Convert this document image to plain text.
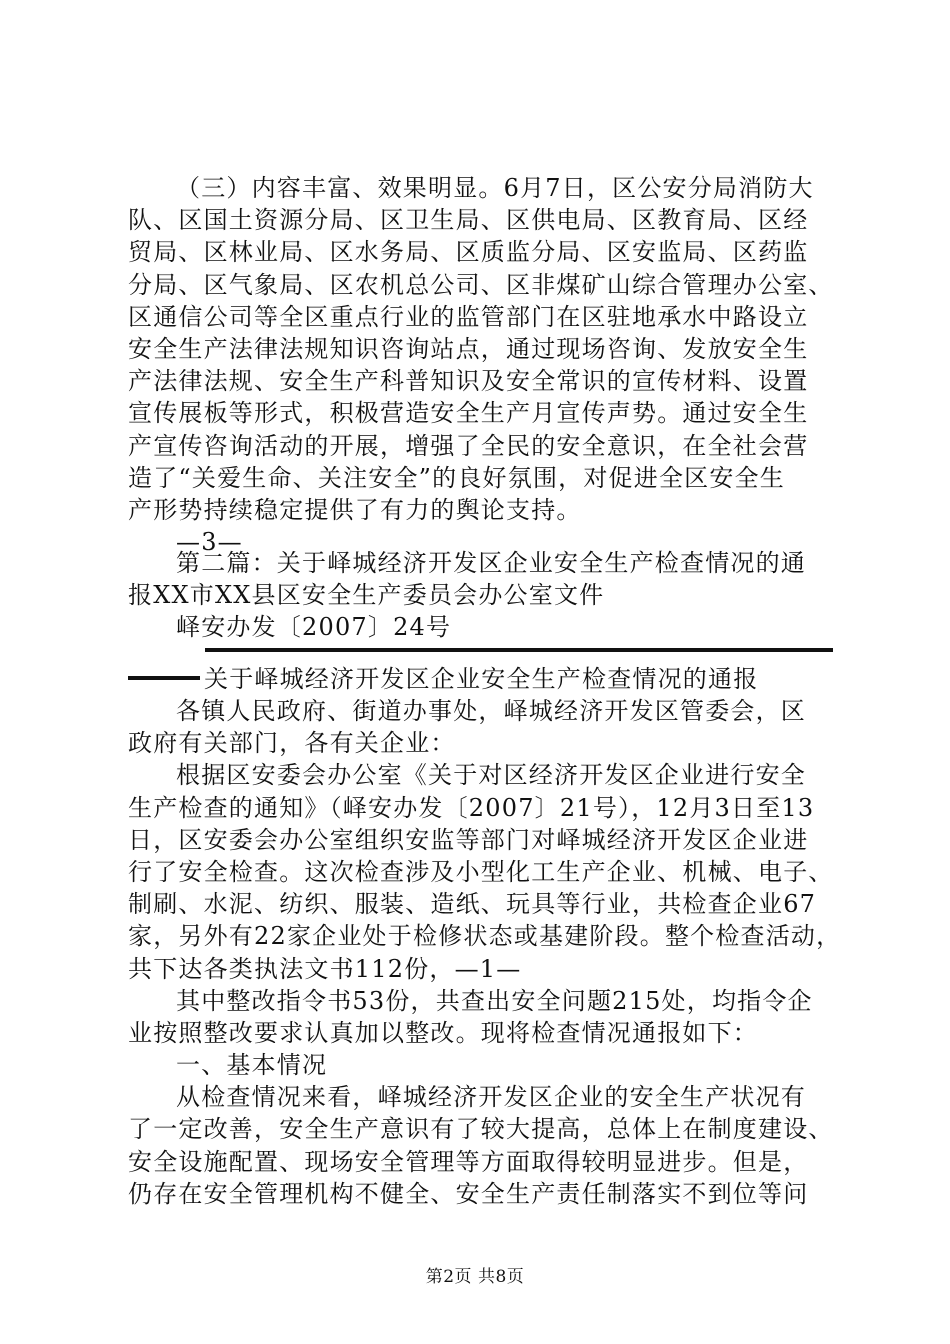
（三）内容丰富、效果明显。6月7日，区公安分局消防大
队、区国土资源分局、区卫生局、区供电局、区教育局、区经
贸局、区林业局、区水务局、区质监分局、区安监局、区药监
分局、区气象局、区农机总公司、区非煤矿山综合管理办公室、
区通信公司等全区重点行业的监管部门在区驻地承水中路设立
安全生产法律法规知识咨询站点，通过现场咨询、发放安全生
产法律法规、安全生产科普知识及安全常识的宣传材料、设置
宣传展板等形式，积极营造安全生产月宣传声势。通过安全生
产宣传咨询活动的开展，增强了全民的安全意识，在全社会营
造了“关爱生命、关注安全”的良好氛围，对促进全区安全生
产形势持续稳定提供了有力的舆论支持。
—3—
第二篇：关于峄城经济开发区企业安全生产检查情况的通
报XX市XX县区安全生产委员会办公室文件
峄安办发〔2007〕24号
关于峄城经济开发区企业安全生产检查情况的通报
各镇人民政府、街道办事处，峄城经济开发区管委会，区
政府有关部门，各有关企业：
根据区安委会办公室《关于对区经济开发区企业进行安全
生产检查的通知》（峄安办发〔2007〕21号），12月3日至13
日，区安委会办公室组织安监等部门对峄城经济开发区企业进
行了安全检查。这次检查涉及小型化工生产企业、机械、电子、
制刷、水泥、纺织、服装、造纸、玩具等行业，共检查企业67
家，另外有22家企业处于检修状态或基建阶段。整个检查活动，
共下达各类执法文书112份，—1—
其中整改指令书53份，共查出安全问题215处，均指令企
业按照整改要求认真加以整改。现将检查情况通报如下：
一、基本情况
从检查情况来看，峄城经济开发区企业的安全生产状况有
了一定改善，安全生产意识有了较大提高，总体上在制度建设、
安全设施配置、现场安全管理等方面取得较明显进步。但是，
仍存在安全管理机构不健全、安全生产责任制落实不到位等问
第2页 共8页
